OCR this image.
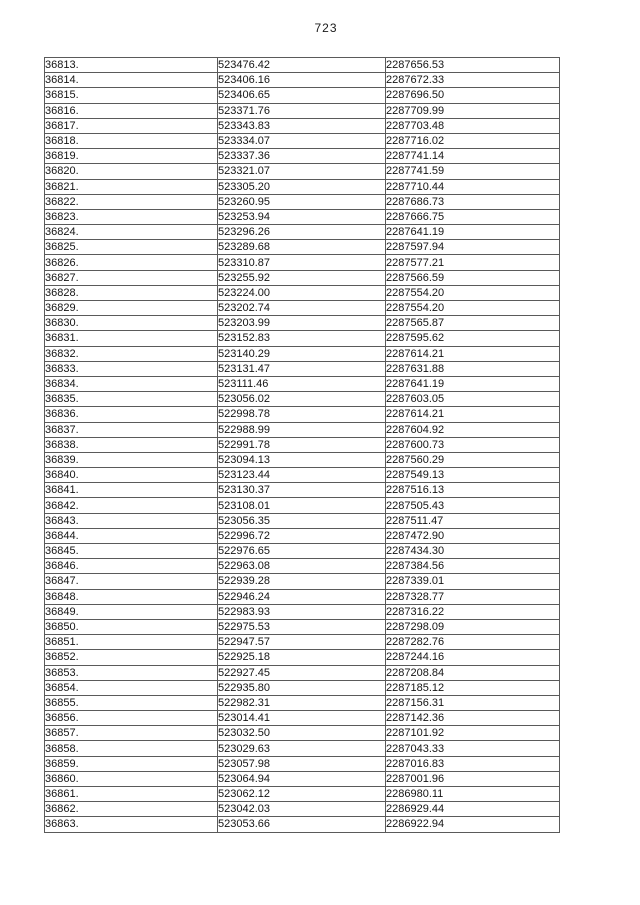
723
36813.	523476.42	2287656.53
36814.	523406.16	2287672.33
36815.	523406.65	2287696.50
36816.	523371.76	2287709.99
36817.	523343.83	2287703.48
36818.	523334.07	2287716.02
36819.	523337.36	2287741.14
36820.	523321.07	2287741.59
36821.	523305.20	2287710.44
36822.	523260.95	2287686.73
36823.	523253.94	2287666.75
36824.	523296.26	2287641.19
36825.	523289.68	2287597.94
36826.	523310.87	2287577.21
36827.	523255.92	2287566.59
36828.	523224.00	2287554.20
36829.	523202.74	2287554.20
36830.	523203.99	2287565.87
36831.	523152.83	2287595.62
36832.	523140.29	2287614.21
36833.	523131.47	2287631.88
36834.	523111.46	2287641.19
36835.	523056.02	2287603.05
36836.	522998.78	2287614.21
36837.	522988.99	2287604.92
36838.	522991.78	2287600.73
36839.	523094.13	2287560.29
36840.	523123.44	2287549.13
36841.	523130.37	2287516.13
36842.	523108.01	2287505.43
36843.	523056.35	2287511.47
36844.	522996.72	2287472.90
36845.	522976.65	2287434.30
36846.	522963.08	2287384.56
36847.	522939.28	2287339.01
36848.	522946.24	2287328.77
36849.	522983.93	2287316.22
36850.	522975.53	2287298.09
36851.	522947.57	2287282.76
36852.	522925.18	2287244.16
36853.	522927.45	2287208.84
36854.	522935.80	2287185.12
36855.	522982.31	2287156.31
36856.	523014.41	2287142.36
36857.	523032.50	2287101.92
36858.	523029.63	2287043.33
36859.	523057.98	2287016.83
36860.	523064.94	2287001.96
36861.	523062.12	2286980.11
36862.	523042.03	2286929.44
36863.	523053.66	2286922.94
